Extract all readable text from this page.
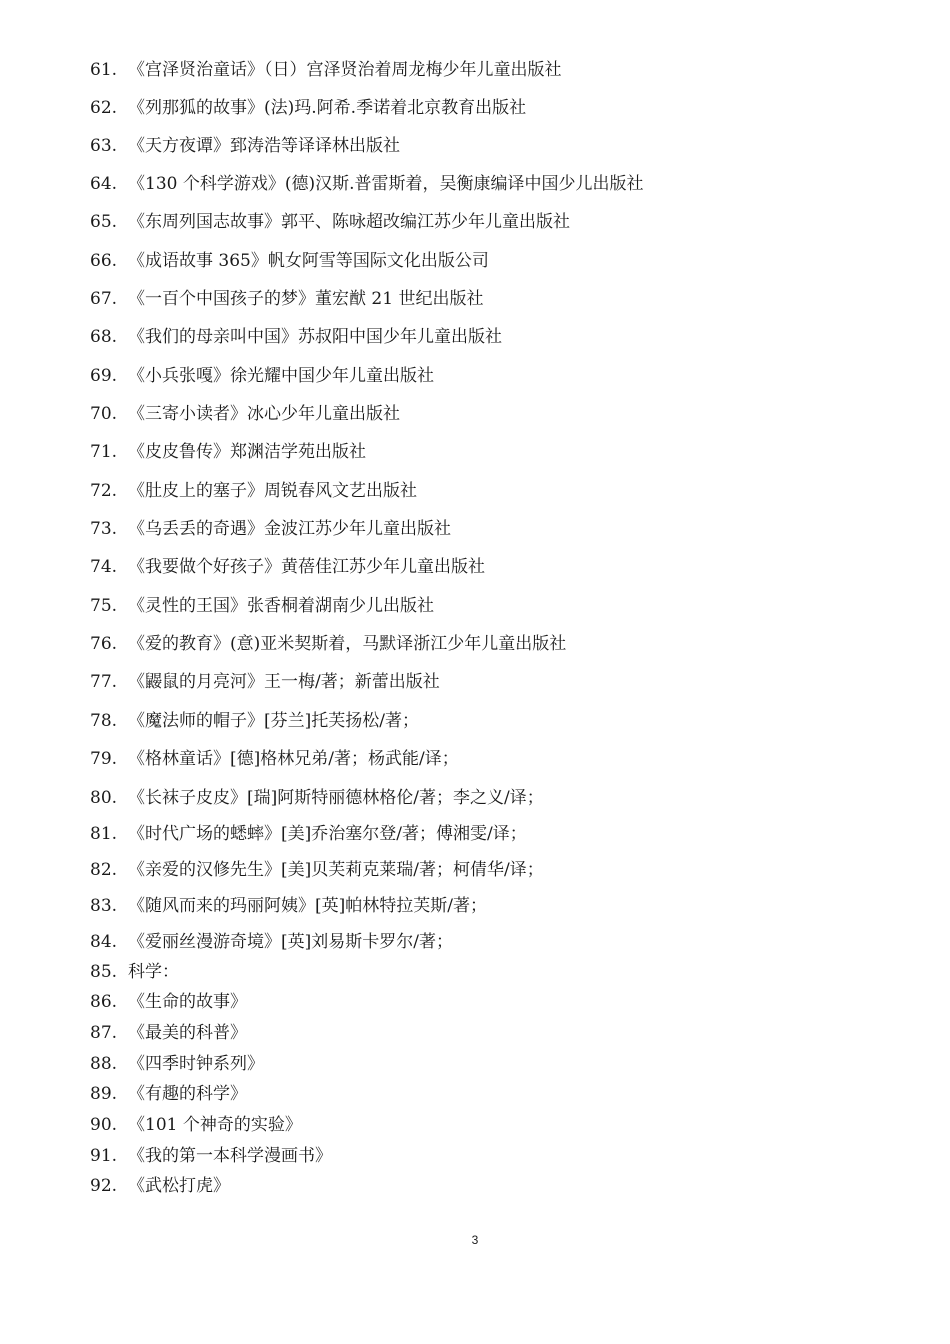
61. 《宫泽贤治童话》（日）宫泽贤治着周龙梅少年儿童出版社
62. 《列那狐的故事》(法)玛.阿希.季诺着北京教育出版社
63. 《天方夜谭》郅涛浩等译译林出版社
64. 《130 个科学游戏》(德)汉斯.普雷斯着，吴衡康编译中国少儿出版社
65. 《东周列国志故事》郭平、陈咏超改编江苏少年儿童出版社
66. 《成语故事 365》帆女阿雪等国际文化出版公司
67. 《一百个中国孩子的梦》董宏猷 21 世纪出版社
68. 《我们的母亲叫中国》苏叔阳中国少年儿童出版社
69. 《小兵张嘎》徐光耀中国少年儿童出版社
70. 《三寄小读者》冰心少年儿童出版社
71. 《皮皮鲁传》郑渊洁学苑出版社
72. 《肚皮上的塞子》周锐春风文艺出版社
73. 《乌丢丢的奇遇》金波江苏少年儿童出版社
74. 《我要做个好孩子》黄蓓佳江苏少年儿童出版社
75. 《灵性的王国》张香桐着湖南少儿出版社
76. 《爱的教育》(意)亚米契斯着，马默译浙江少年儿童出版社
77. 《鼹鼠的月亮河》王一梅/著；新蕾出版社
78. 《魔法师的帽子》[芬兰]托芙扬松/著；
79. 《格林童话》[德]格林兄弟/著；杨武能/译；
80. 《长袜子皮皮》[瑞]阿斯特丽德林格伦/著；李之义/译；
81. 《时代广场的蟋蟀》[美]乔治塞尔登/著；傅湘雯/译；
82. 《亲爱的汉修先生》[美]贝芙莉克莱瑞/著；柯倩华/译；
83. 《随风而来的玛丽阿姨》[英]帕林特拉芙斯/著；
84. 《爱丽丝漫游奇境》[英]刘易斯卡罗尔/著；
85. 科学：
86. 《生命的故事》
87. 《最美的科普》
88. 《四季时钟系列》
89. 《有趣的科学》
90. 《101 个神奇的实验》
91. 《我的第一本科学漫画书》
92. 《武松打虎》
3
